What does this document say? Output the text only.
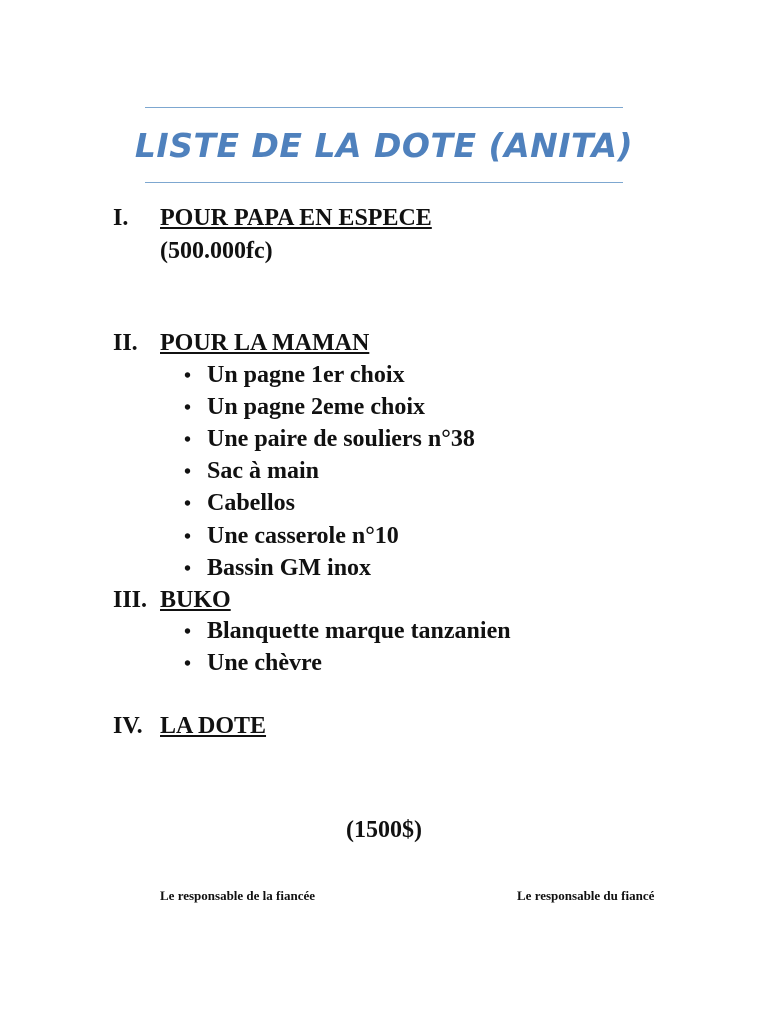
LISTE DE LA DOTE (ANITA)
I. POUR PAPA EN ESPECE
(500.000fc)
II. POUR LA MAMAN
• Un pagne 1er choix
• Un pagne 2eme choix
• Une paire de souliers n°38
• Sac à main
• Cabellos
• Une casserole n°10
• Bassin GM inox
III. BUKO
• Blanquette marque tanzanien
• Une chèvre
IV. LA DOTE
(1500$)
Le responsable de la fiancée	Le responsable du fiancé
